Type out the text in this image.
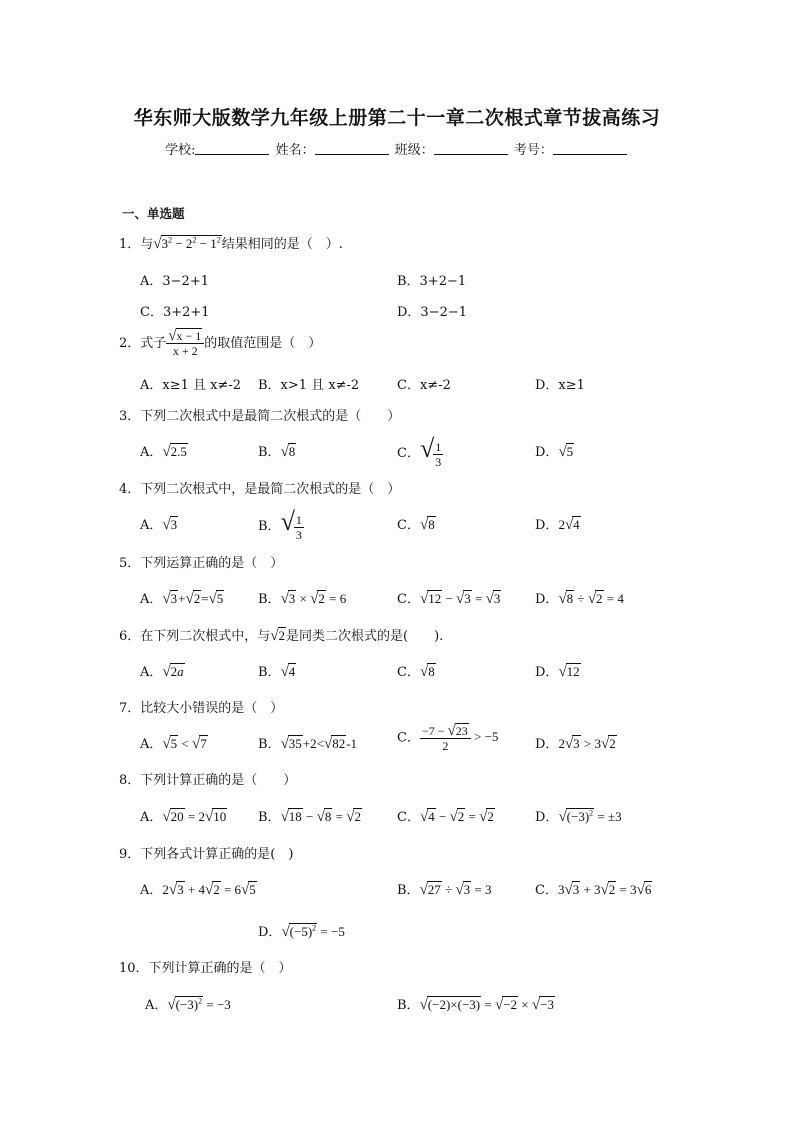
华东师大版数学九年级上册第二十一章二次根式章节拔高练习
学校:	姓名：	班级：	考号：
一、单选题
1．与$√3^2 - 2^2 - 1^2$结果相同的是（　）.
A．3−2+1	B．3+2−1
C．3+2+1	D．3−2−1
2．式子 $\frac{√x - 1}{x + 2}$ 的取值范围是（　）
A．x≥1 且 x≠-2 B．x>1 且 x≠-2	C．x≠-2	D．x≥1
3．下列二次根式中是最简二次根式的是（　　）
A．√2.5	B．√8	C．√ $\frac{1}{3}$	D．√5
4．下列二次根式中，是最简二次根式的是（　）
A．√3	B．√ $\frac{1}{3}$	C．√8	D．2√4
5．下列运算正确的是（　）
A．√3+√2=√5	B．√3 × √2 = 6	C．√12 − √3 = √3	D．√8 ÷ √2 = 4
6．在下列二次根式中，与√2是同类二次根式的是(　　).
A．√2a	B．√4	C．√8	D．√12
7．比较大小错误的是（　）
A．√5 < √7	B．√35+2<√82-1	C． $\frac{-7 - √23}{2} > -5$
D．2√3 > 3√2
8．下列计算正确的是（　　）
A．√20 = 2√10 B．√18 − √8 = √2	C．√4 − √2 = √2	D．$√(-3)^2 = \pm 3$
9．下列各式计算正确的是(　)
A．2√3 + 4√2 = 6√5	B．√27 ÷ √3 = 3	C．3√3 + 3√2 = 3√6
D．$√(-5)^2 = -5$
10．下列计算正确的是（　）
A．$√(-3)^2 = -3$	B．√(−2)×(−3) = √−2 × √−3
